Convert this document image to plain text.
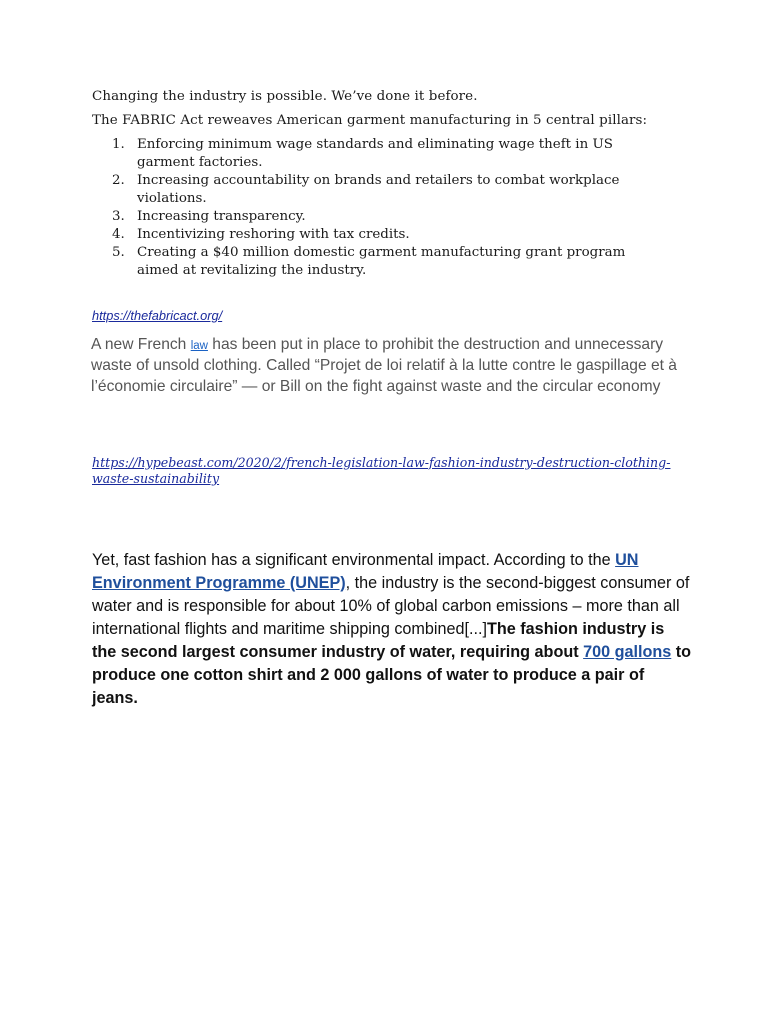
Changing the industry is possible. We’ve done it before.
The FABRIC Act reweaves American garment manufacturing in 5 central pillars:
1. Enforcing minimum wage standards and eliminating wage theft in US garment factories.
2. Increasing accountability on brands and retailers to combat workplace violations.
3. Increasing transparency.
4. Incentivizing reshoring with tax credits.
5. Creating a $40 million domestic garment manufacturing grant program aimed at revitalizing the industry.
https://thefabricact.org/
A new French law has been put in place to prohibit the destruction and unnecessary waste of unsold clothing. Called “Projet de loi relatif à la lutte contre le gaspillage et à l’économie circulaire” — or Bill on the fight against waste and the circular economy
https://hypebeast.com/2020/2/french-legislation-law-fashion-industry-destruction-clothing-waste-sustainability
Yet, fast fashion has a significant environmental impact. According to the UN Environment Programme (UNEP), the industry is the second-biggest consumer of water and is responsible for about 10% of global carbon emissions – more than all international flights and maritime shipping combined[...]The fashion industry is the second largest consumer industry of water, requiring about 700 gallons to produce one cotton shirt and 2 000 gallons of water to produce a pair of jeans.
